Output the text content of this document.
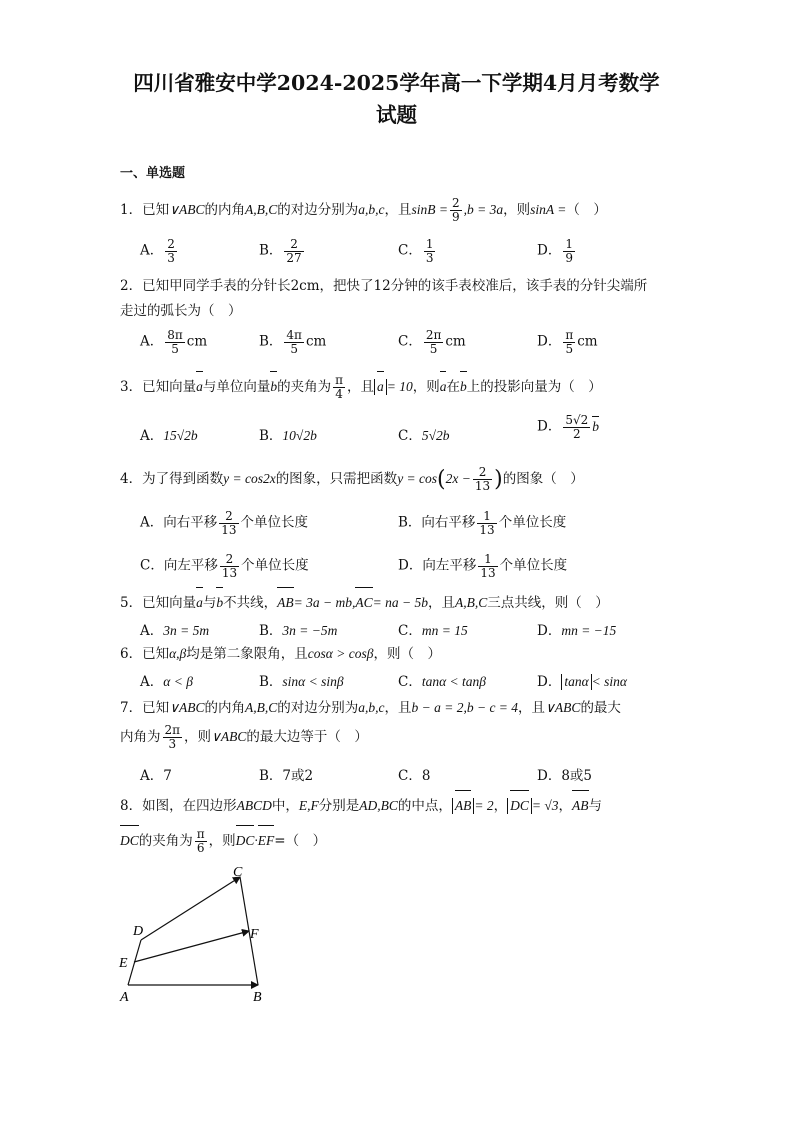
四川省雅安中学2024-2025学年高一下学期4月月考数学
试题
一、单选题
1．已知∨ABC的内角A,B,C的对边分别为a,b,c，且$\sin B = \frac{2}{9} ,b = 3a$，则sinA =（　）
A． $\frac{2}{3}$	B． $\frac{2}{27}$	C． $\frac{1}{3}$	D． $\frac{1}{9}$
2．已知甲同学手表的分针长2cm，把快了12分钟的该手表校准后，该手表的分针尖端所
走过的弧长为（　）
A． $\frac{8\pi}{5}$ cm	B． $\frac{4\pi}{5}$ cm	C． $\frac{2\pi}{5}$ cm	D． $\frac{\pi}{5}$ cm
3．已知向量a与单位向量b的夹角为 $\frac{\pi}{4}$ ，且 a = 10，则a在b上的投影向量为（　）
A．15√2b	B．10√2b	C．5√2b
D． $\frac{5√2}{2}$ b
4．为了得到函数y = cos2x的图象，只需把函数$y = \cos(2x - \frac{2}{13}$ )的图象（　）
A．向右平移 $\frac{2}{13}$ 个单位长度	B．向右平移 $\frac{1}{13}$ 个单位长度
C．向左平移 $\frac{2}{13}$ 个单位长度	D．向左平移 $\frac{1}{13}$ 个单位长度
5．已知向量a与b不共线，AB= 3a − mb,AC= na − 5b，且A,B,C三点共线，则（　）
A．3n = 5m	B．3n = −5m	C．mn = 15	D．mn = −15
6．已知α,β均是第二象限角，且cosα > cosβ，则（　）
A．α < β	B．sinα < sinβ	C．tanα < tanβ	D． tanα < sinα
7．已知∨ABC的内角A,B,C的对边分别为a,b,c，且b − a = 2,b − c = 4，且∨ABC的最大
内角为 $\frac{2\pi}{3}$ ，则∨ABC的最大边等于（　）
A．7	B．7或2	C．8	D．8或5
8．如图，在四边形ABCD中，E,F分别是AD,BC的中点， AB = 2， DC = √3，AB与
DC的夹角为 $\frac{\pi}{6}$ ，则DC·EF=（　）
A	B
C
D
E
F
